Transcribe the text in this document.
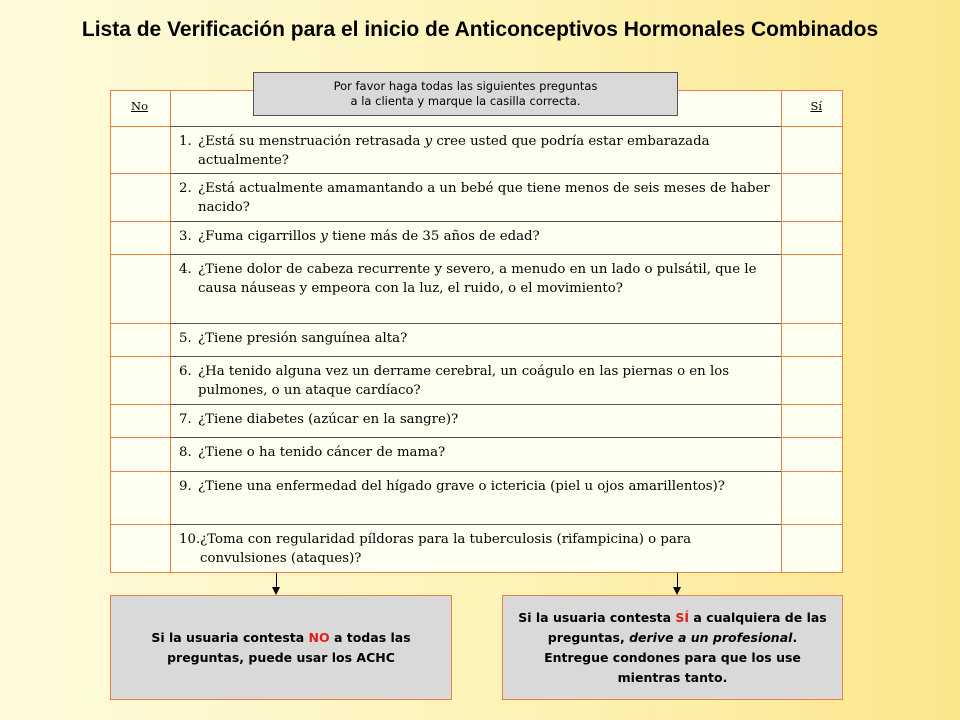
Lista de Verificación para el inicio de Anticonceptivos Hormonales Combinados
Por favor haga todas las siguientes preguntas
a la clienta y marque la casilla correcta.
No	Sí
1. ¿Está su menstruación retrasada y cree usted que podría estar embarazada actualmente?
2. ¿Está actualmente amamantando a un bebé que tiene menos de seis meses de haber nacido?
3. ¿Fuma cigarrillos y tiene más de 35 años de edad?
4. ¿Tiene dolor de cabeza recurrente y severo, a menudo en un lado o pulsátil, que le causa náuseas y empeora con la luz, el ruido, o el movimiento?
5. ¿Tiene presión sanguínea alta?
6. ¿Ha tenido alguna vez un derrame cerebral, un coágulo en las piernas o en los pulmones, o un ataque cardíaco?
7. ¿Tiene diabetes (azúcar en la sangre)?
8. ¿Tiene o ha tenido cáncer de mama?
9. ¿Tiene una enfermedad del hígado grave o ictericia (piel u ojos amarillentos)?
10. ¿Toma con regularidad píldoras para la tuberculosis (rifampicina) o para convulsiones (ataques)?
Si la usuaria contesta NO a todas las preguntas, puede usar los ACHC
Si la usuaria contesta SÍ a cualquiera de las preguntas, derive a un profesional. Entregue condones para que los use mientras tanto.
